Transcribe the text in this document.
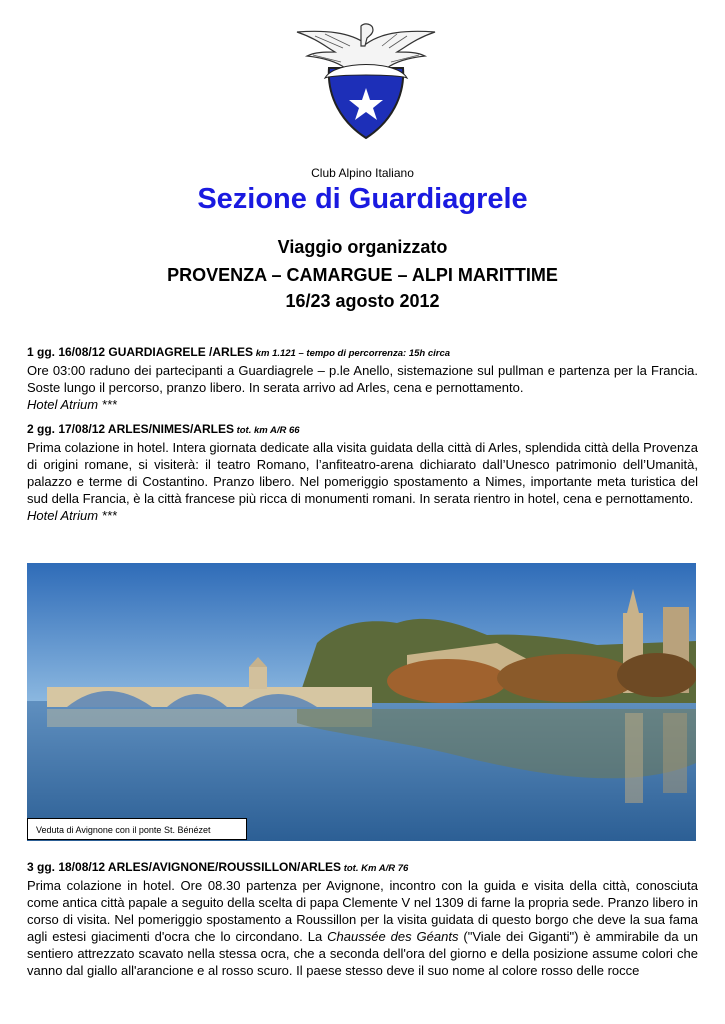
Club Alpino Italiano
Sezione di Guardiagrele
Viaggio organizzato
PROVENZA – CAMARGUE – ALPI MARITTIME
16/23 agosto 2012
1 gg. 16/08/12 GUARDIAGRELE /ARLES km 1.121 – tempo di percorrenza: 15h circa
Ore 03:00 raduno dei partecipanti a Guardiagrele – p.le Anello, sistemazione sul pullman e partenza per la Francia. Soste lungo il percorso, pranzo libero. In serata arrivo ad Arles, cena e pernottamento.
Hotel Atrium ***
2 gg. 17/08/12 ARLES/NIMES/ARLES tot. km A/R 66
Prima colazione in hotel. Intera giornata dedicate alla visita guidata della città di Arles, splendida città della Provenza di origini romane, si visiterà: il teatro Romano, l’anfiteatro-arena dichiarato dall’Unesco patrimonio dell’Umanità, palazzo e terme di Costantino. Pranzo libero. Nel pomeriggio spostamento a Nimes, importante meta turistica del sud della Francia, è la città francese più ricca di monumenti romani. In serata rientro in hotel, cena e pernottamento.
Hotel Atrium ***
Veduta di Avignone con il ponte St. Bénézet
3 gg. 18/08/12 ARLES/AVIGNONE/ROUSSILLON/ARLES tot. Km A/R 76
Prima colazione in hotel. Ore 08.30 partenza per Avignone, incontro con la guida e visita della città, conosciuta come antica città papale a seguito della scelta di papa Clemente V nel 1309 di farne la propria sede. Pranzo libero in corso di visita. Nel pomeriggio spostamento a Roussillon per la visita guidata di questo borgo che deve la sua fama agli estesi giacimenti d'ocra che lo circondano. La Chaussée des Géants ("Viale dei Giganti") è ammirabile da un sentiero attrezzato scavato nella stessa ocra, che a seconda dell'ora del giorno e della posizione assume colori che vanno dal giallo all'arancione e al rosso scuro. Il paese stesso deve il suo nome al colore rosso delle rocce
